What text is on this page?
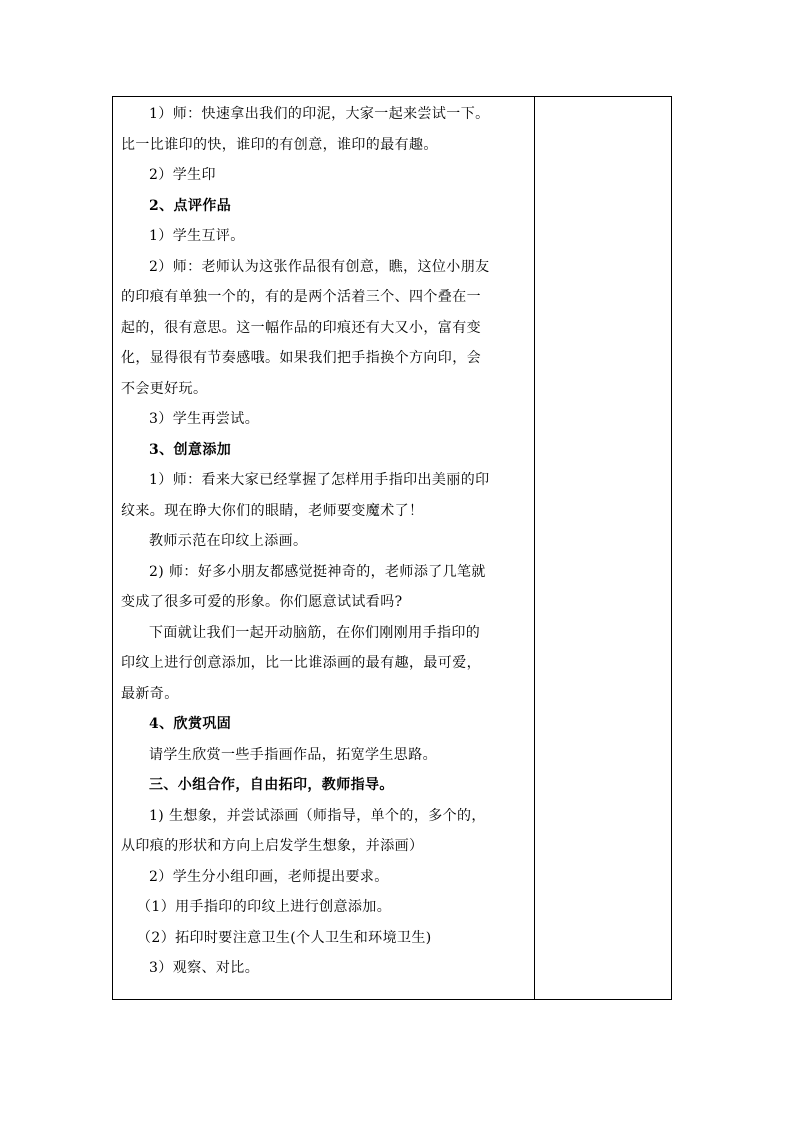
1）师：快速拿出我们的印泥，大家一起来尝试一下。
比一比谁印的快，谁印的有创意，谁印的最有趣。
2）学生印
2、点评作品
1）学生互评。
2）师：老师认为这张作品很有创意，瞧，这位小朋友
的印痕有单独一个的，有的是两个活着三个、四个叠在一
起的，很有意思。这一幅作品的印痕还有大又小，富有变
化，显得很有节奏感哦。如果我们把手指换个方向印，会
不会更好玩。
3）学生再尝试。
3、创意添加
1）师：看来大家已经掌握了怎样用手指印出美丽的印
纹来。现在睁大你们的眼睛，老师要变魔术了！
教师示范在印纹上添画。
2) 师：好多小朋友都感觉挺神奇的，老师添了几笔就
变成了很多可爱的形象。你们愿意试试看吗?
下面就让我们一起开动脑筋，在你们刚刚用手指印的
印纹上进行创意添加，比一比谁添画的最有趣，最可爱，
最新奇。
4、欣赏巩固
请学生欣赏一些手指画作品，拓宽学生思路。
三、小组合作，自由拓印，教师指导。
1) 生想象，并尝试添画（师指导，单个的，多个的，
从印痕的形状和方向上启发学生想象，并添画）
2）学生分小组印画，老师提出要求。
（1）用手指印的印纹上进行创意添加。
（2）拓印时要注意卫生(个人卫生和环境卫生)
3）观察、对比。
